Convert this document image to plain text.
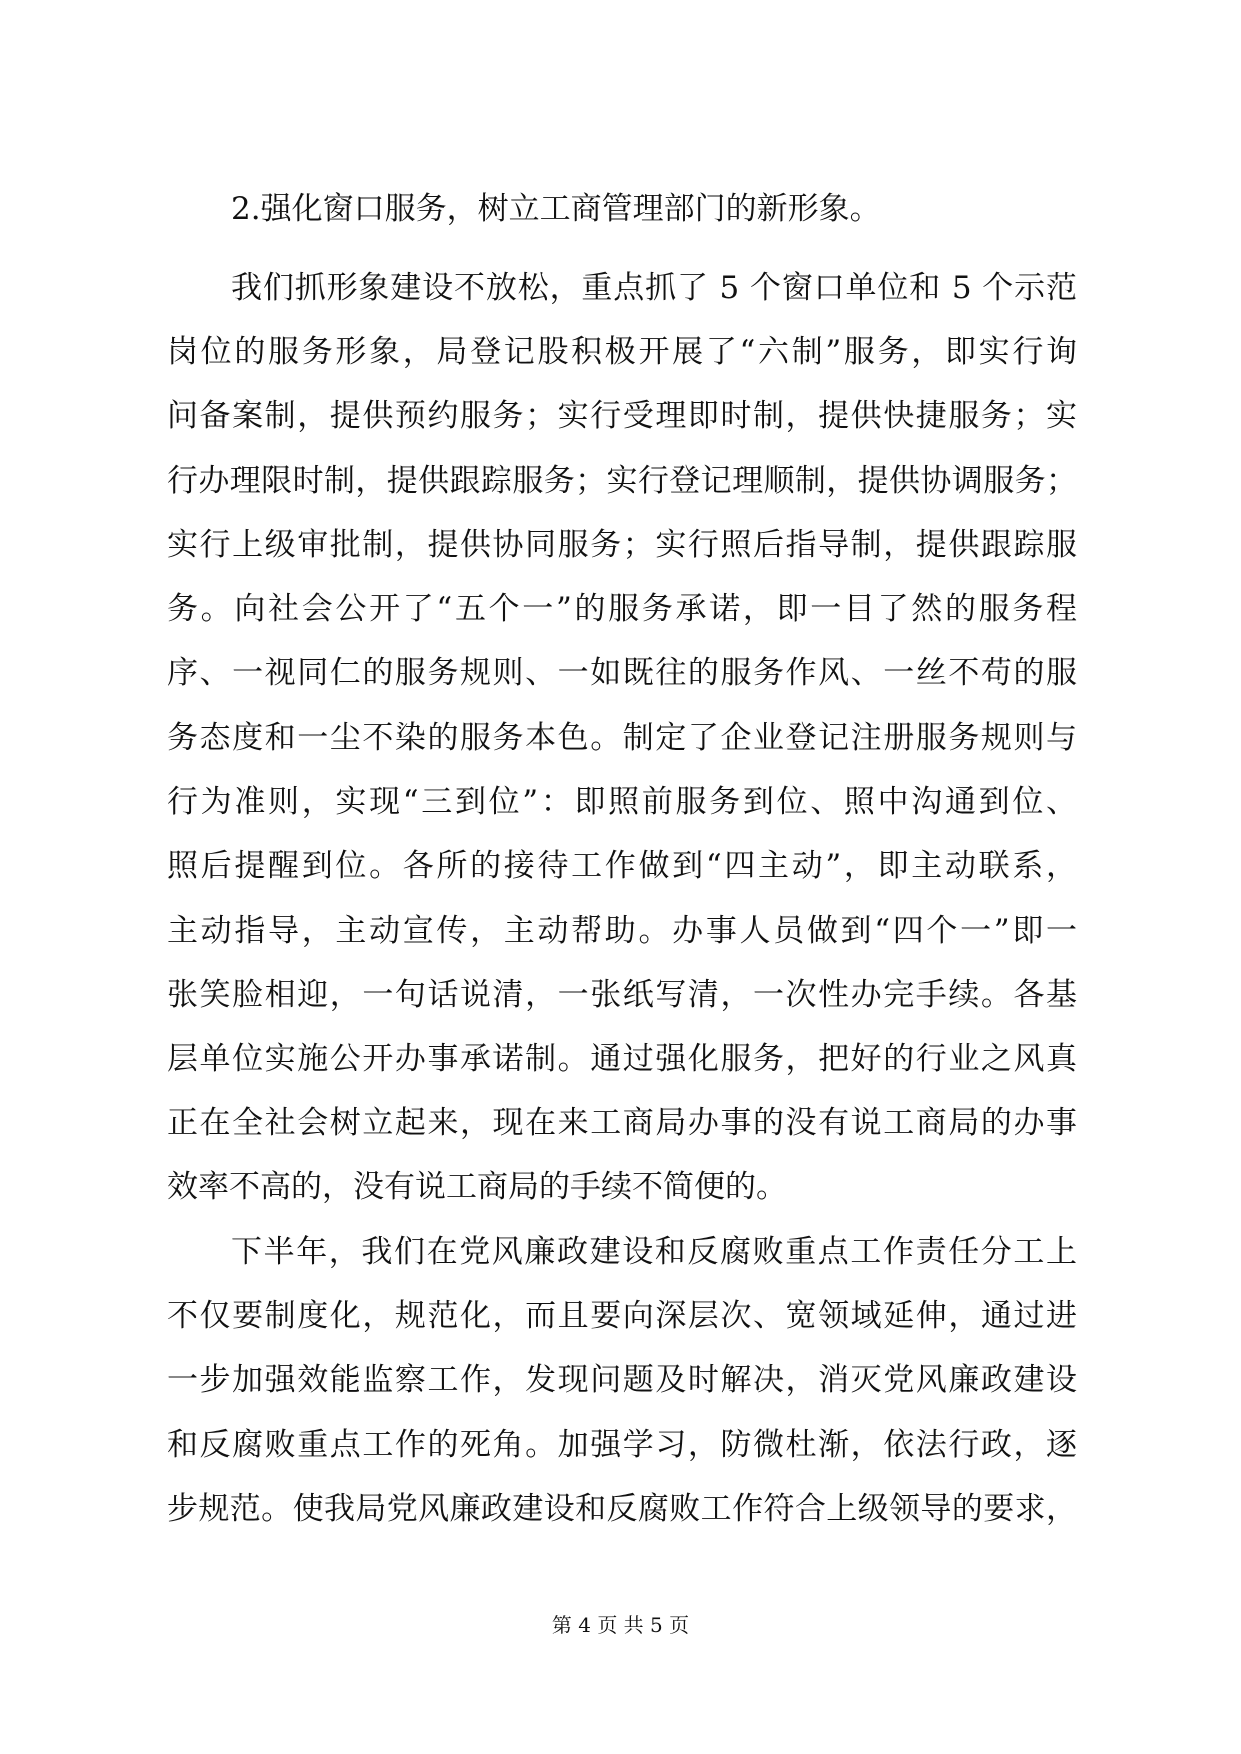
2.强化窗口服务，树立工商管理部门的新形象。
我们抓形象建设不放松，重点抓了 5 个窗口单位和 5 个示范
岗位的服务形象，局登记股积极开展了“六制”服务，即实行询
问备案制，提供预约服务；实行受理即时制，提供快捷服务；实
行办理限时制，提供跟踪服务；实行登记理顺制，提供协调服务；
实行上级审批制，提供协同服务；实行照后指导制，提供跟踪服
务。向社会公开了“五个一”的服务承诺，即一目了然的服务程
序、一视同仁的服务规则、一如既往的服务作风、一丝不苟的服
务态度和一尘不染的服务本色。制定了企业登记注册服务规则与
行为准则，实现“三到位”：即照前服务到位、照中沟通到位、
照后提醒到位。各所的接待工作做到“四主动”，即主动联系，
主动指导，主动宣传，主动帮助。办事人员做到“四个一”即一
张笑脸相迎，一句话说清，一张纸写清，一次性办完手续。各基
层单位实施公开办事承诺制。通过强化服务，把好的行业之风真
正在全社会树立起来，现在来工商局办事的没有说工商局的办事
效率不高的，没有说工商局的手续不简便的。
下半年，我们在党风廉政建设和反腐败重点工作责任分工上
不仅要制度化，规范化，而且要向深层次、宽领域延伸，通过进
一步加强效能监察工作，发现问题及时解决，消灭党风廉政建设
和反腐败重点工作的死角。加强学习，防微杜渐，依法行政，逐
步规范。使我局党风廉政建设和反腐败工作符合上级领导的要求，
第 4 页 共 5 页
